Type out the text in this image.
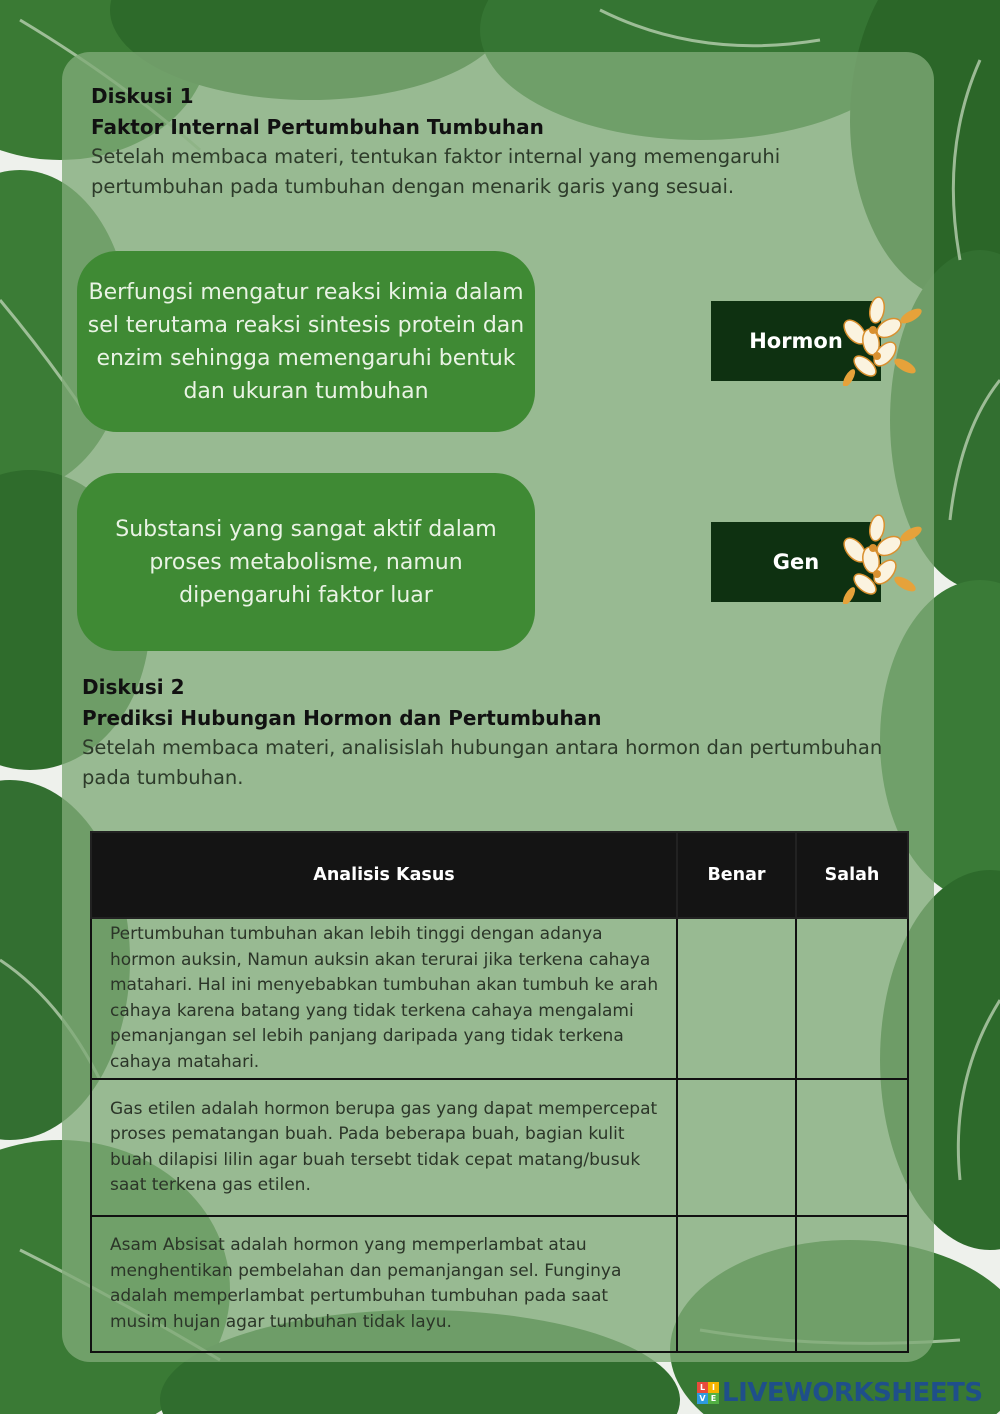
Diskusi 1
Faktor Internal Pertumbuhan Tumbuhan
Setelah membaca materi, tentukan faktor internal yang memengaruhi pertumbuhan pada tumbuhan dengan menarik garis yang sesuai.
Berfungsi mengatur reaksi kimia dalam sel terutama reaksi sintesis protein dan enzim sehingga memengaruhi bentuk dan ukuran tumbuhan
Substansi yang sangat aktif dalam proses metabolisme, namun dipengaruhi faktor luar
Hormon
Gen
Diskusi 2
Prediksi Hubungan Hormon dan Pertumbuhan
Setelah membaca materi, analisislah hubungan antara hormon dan pertumbuhan pada tumbuhan.
Analisis Kasus	Benar	Salah
Pertumbuhan tumbuhan akan lebih tinggi dengan adanya hormon auksin, Namun auksin akan terurai jika terkena cahaya matahari. Hal ini menyebabkan tumbuhan akan tumbuh ke arah cahaya karena batang yang tidak terkena cahaya mengalami pemanjangan sel lebih panjang daripada yang tidak terkena cahaya matahari.		
Gas etilen adalah hormon berupa gas yang dapat mempercepat proses pematangan buah. Pada beberapa buah, bagian kulit buah dilapisi lilin agar buah tersebt tidak cepat matang/busuk saat terkena gas etilen.		
Asam Absisat adalah hormon yang memperlambat atau menghentikan pembelahan dan pemanjangan sel. Funginya adalah memperlambat pertumbuhan tumbuhan pada saat musim hujan agar tumbuhan tidak layu.		
L I
V E LIVEWORKSHEETS
